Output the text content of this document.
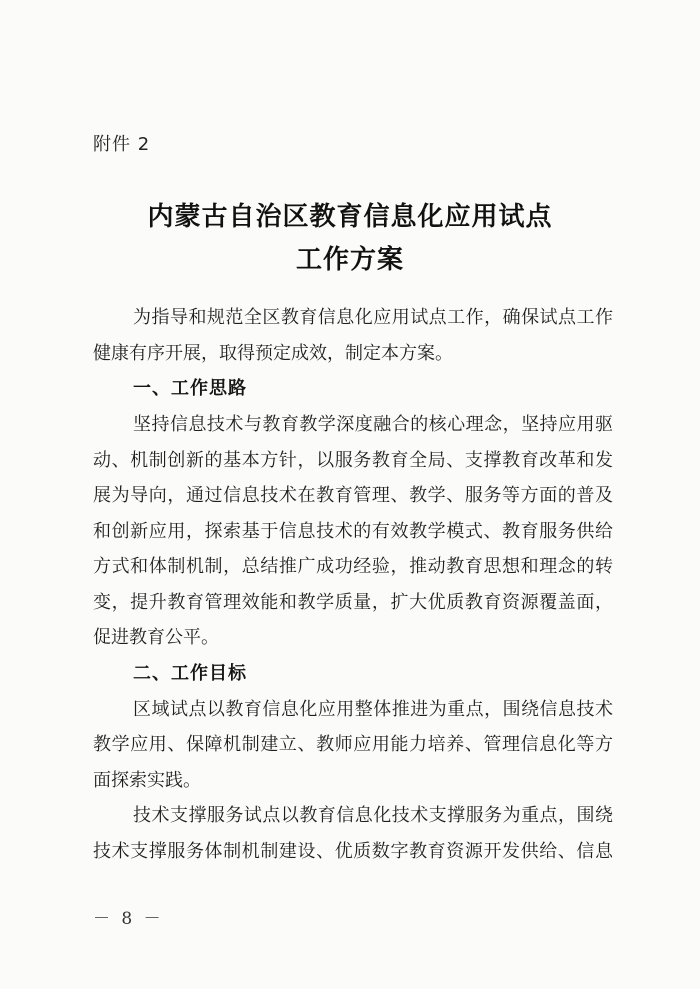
附件 2
内蒙古自治区教育信息化应用试点
工作方案
为指导和规范全区教育信息化应用试点工作，确保试点工作
健康有序开展，取得预定成效，制定本方案。
一、工作思路
坚持信息技术与教育教学深度融合的核心理念，坚持应用驱
动、机制创新的基本方针，以服务教育全局、支撑教育改革和发
展为导向，通过信息技术在教育管理、教学、服务等方面的普及
和创新应用，探索基于信息技术的有效教学模式、教育服务供给
方式和体制机制，总结推广成功经验，推动教育思想和理念的转
变，提升教育管理效能和教学质量，扩大优质教育资源覆盖面，
促进教育公平。
二、工作目标
区域试点以教育信息化应用整体推进为重点，围绕信息技术
教学应用、保障机制建立、教师应用能力培养、管理信息化等方
面探索实践。
技术支撑服务试点以教育信息化技术支撑服务为重点，围绕
技术支撑服务体制机制建设、优质数字教育资源开发供给、信息
－ 8 －
